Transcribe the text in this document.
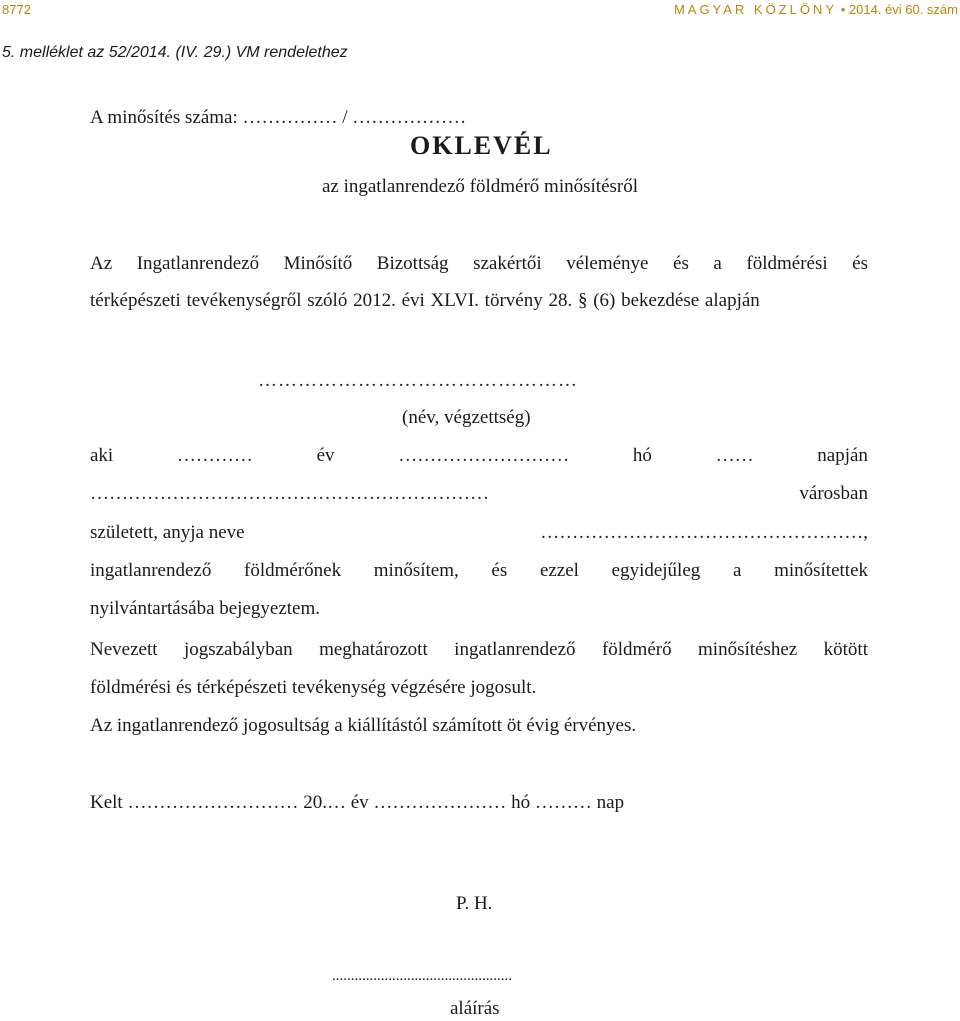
8772	MAGYAR KÖZLÖNY • 2014. évi 60. szám
5. melléklet az 52/2014. (IV. 29.) VM rendelethez
A minősítés száma: …………… / ………………
OKLEVÉL
az ingatlanrendező földmérő minősítésről
Az Ingatlanrendező Minősítő Bizottság szakértői véleménye és a földmérési és
térképészeti tevékenységről szóló 2012. évi XLVI. törvény 28. § (6) bekezdése alapján
…………………………………………
(név, végzettség)
aki	…………	év	………………………	hó	……	napján
………………………………………………………	városban
született, anyja neve	……………………………………………,
ingatlanrendező földmérőnek minősítem, és ezzel egyidejűleg a minősítettek
nyilvántartásába bejegyeztem.
Nevezett jogszabályban meghatározott ingatlanrendező földmérő minősítéshez kötött
földmérési és térképészeti tevékenység végzésére jogosult.
Az ingatlanrendező jogosultság a kiállítástól számított öt évig érvényes.
Kelt ……………………… 20.… év ………………… hó ……… nap
P. H.
................................................
aláírás
